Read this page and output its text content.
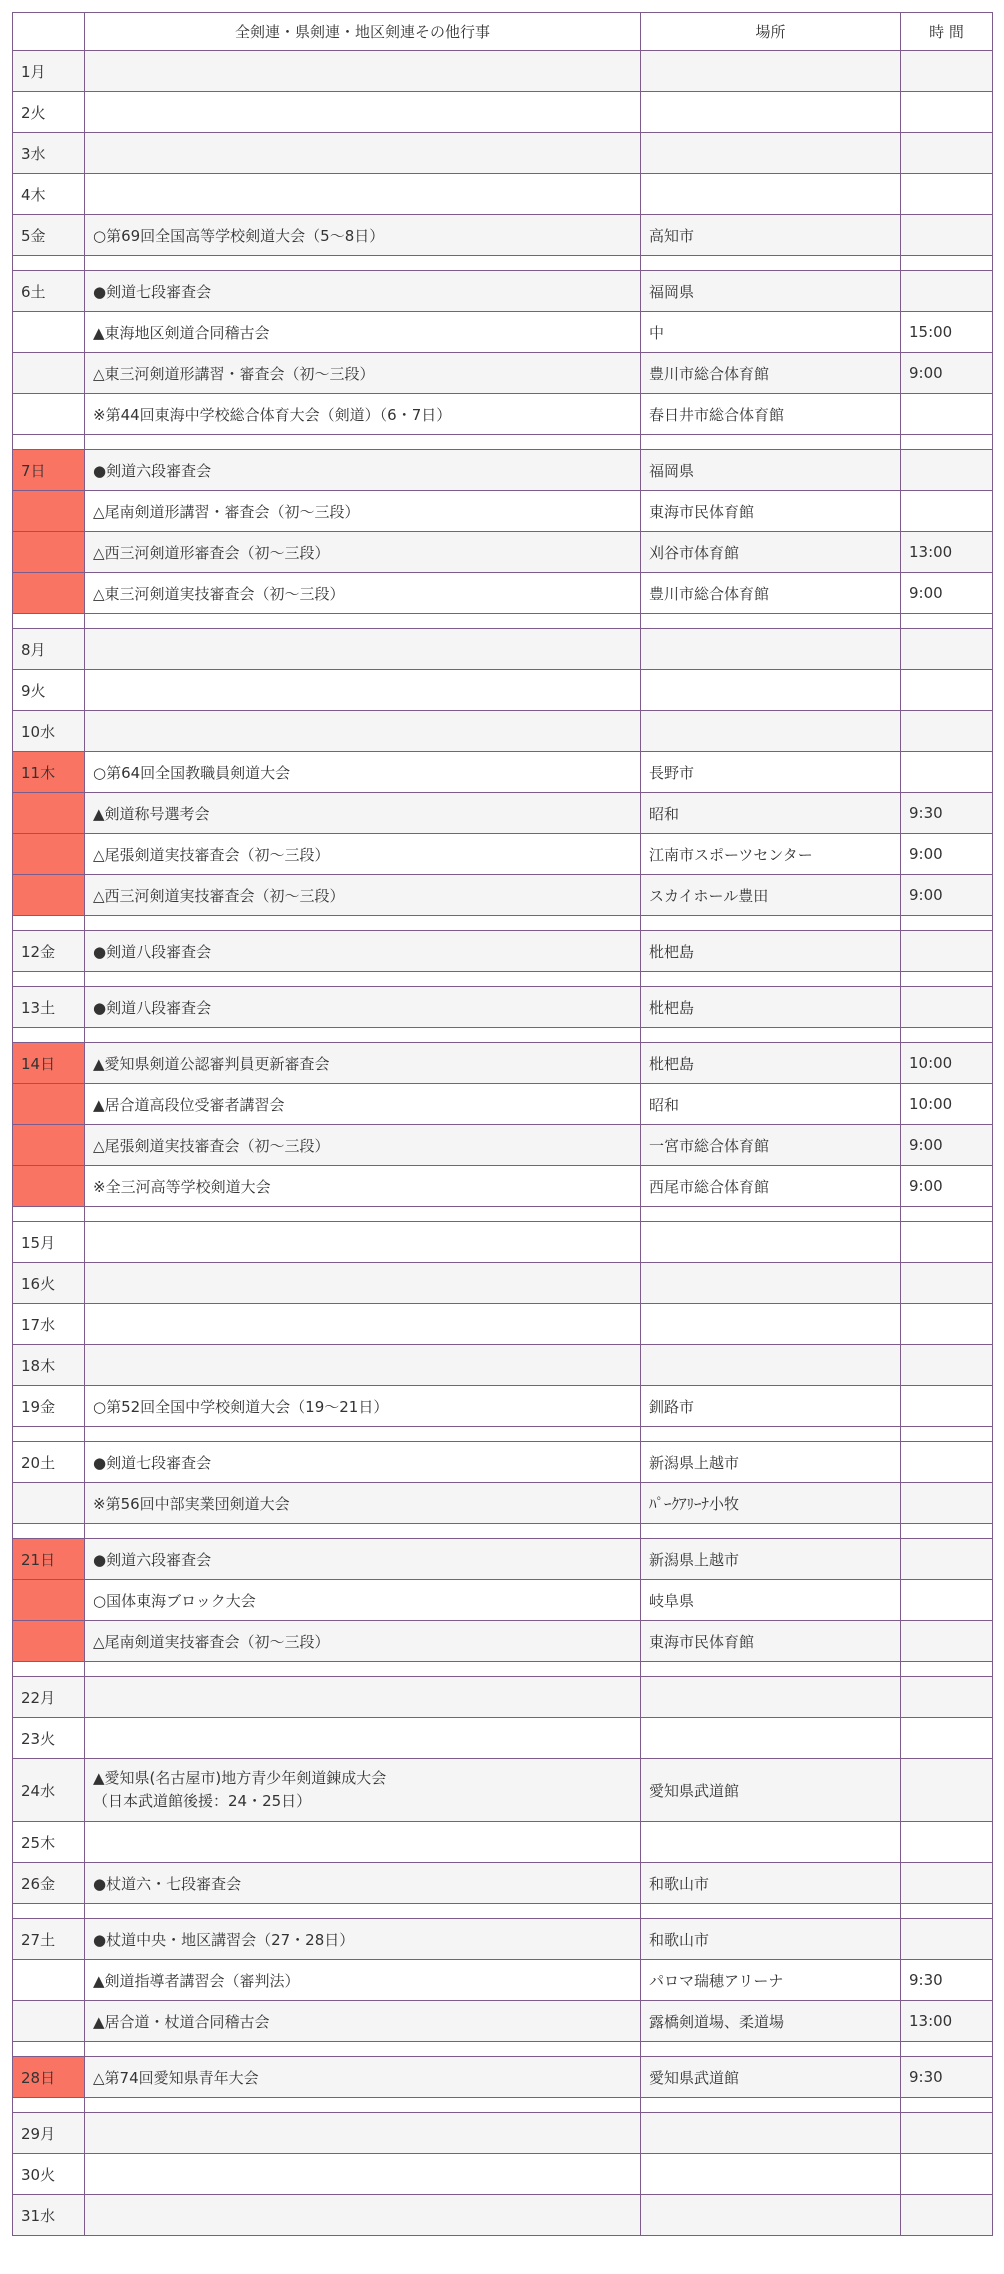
	全剣連・県剣連・地区剣連その他行事	場所	時 間
1月			
2火			
3水			
4木			
5金	○第69回全国高等学校剣道大会（5〜8日）	高知市	

6土	●剣道七段審査会	福岡県	
	▲東海地区剣道合同稽古会	中	15:00
	△東三河剣道形講習・審査会（初〜三段）	豊川市総合体育館	9:00
	※第44回東海中学校総合体育大会（剣道）（6・7日）	春日井市総合体育館	

7日	●剣道六段審査会	福岡県	
	△尾南剣道形講習・審査会（初〜三段）	東海市民体育館	
	△西三河剣道形審査会（初〜三段）	刈谷市体育館	13:00
	△東三河剣道実技審査会（初〜三段）	豊川市総合体育館	9:00

8月			
9火			
10水			
11木	○第64回全国教職員剣道大会	長野市	
	▲剣道称号選考会	昭和	9:30
	△尾張剣道実技審査会（初〜三段）	江南市スポーツセンター	9:00
	△西三河剣道実技審査会（初〜三段）	スカイホール豊田	9:00

12金	●剣道八段審査会	枇杷島	

13土	●剣道八段審査会	枇杷島	

14日	▲愛知県剣道公認審判員更新審査会	枇杷島	10:00
	▲居合道高段位受審者講習会	昭和	10:00
	△尾張剣道実技審査会（初〜三段）	一宮市総合体育館	9:00
	※全三河高等学校剣道大会	西尾市総合体育館	9:00

15月			
16火			
17水			
18木			
19金	○第52回全国中学校剣道大会（19〜21日）	釧路市	

20土	●剣道七段審査会	新潟県上越市	
	※第56回中部実業団剣道大会	ﾊﾟｰｸｱﾘｰﾅ小牧	

21日	●剣道六段審査会	新潟県上越市	
	○国体東海ブロック大会	岐阜県	
	△尾南剣道実技審査会（初〜三段）	東海市民体育館	

22月			
23火			
24水	▲愛知県(名古屋市)地方青少年剣道錬成大会
（日本武道館後援：24・25日）	愛知県武道館	
25木			
26金	●杖道六・七段審査会	和歌山市	

27土	●杖道中央・地区講習会（27・28日）	和歌山市	
	▲剣道指導者講習会（審判法）	パロマ瑞穂アリーナ	9:30
	▲居合道・杖道合同稽古会	露橋剣道場、柔道場	13:00

28日	△第74回愛知県青年大会	愛知県武道館	9:30

29月			
30火			
31水			
